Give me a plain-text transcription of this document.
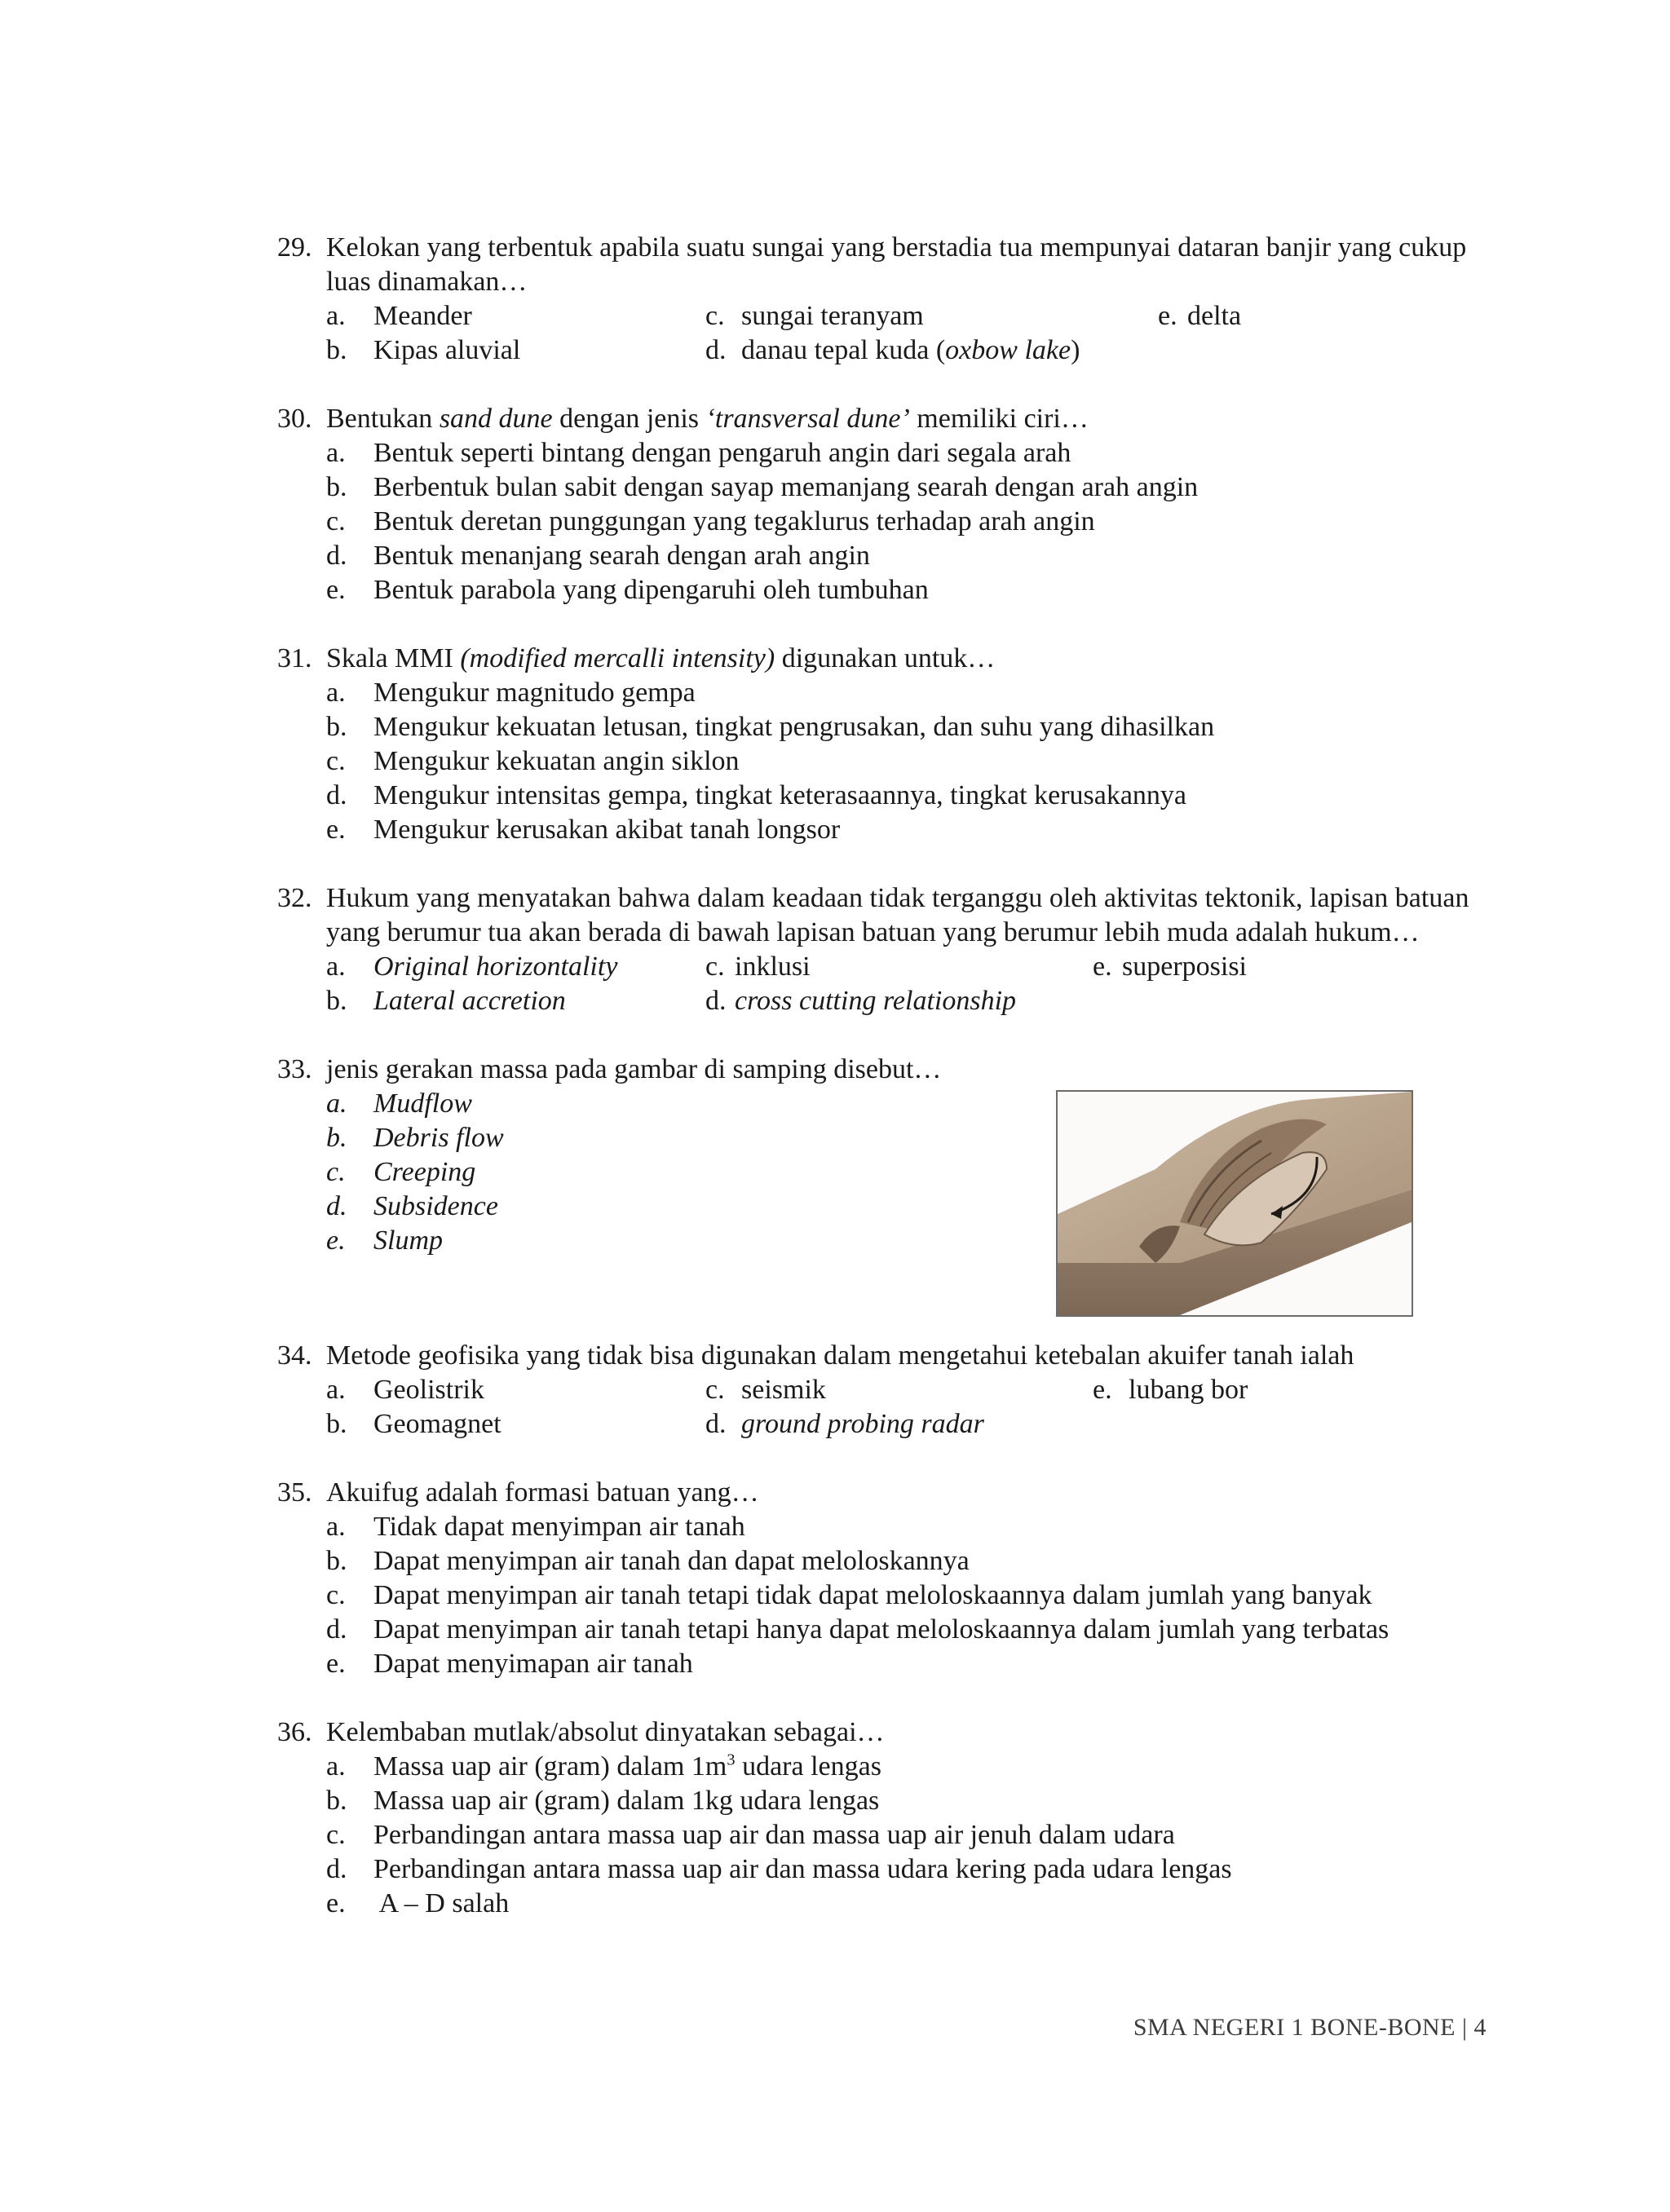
29. Kelokan yang terbentuk apabila suatu sungai yang berstadia tua mempunyai dataran banjir yang cukup luas dinamakan…
a. Meander	c. sungai teranyam	e. delta
b. Kipas aluvial	d. danau tepal kuda (oxbow lake)
30. Bentukan sand dune dengan jenis ‘transversal dune’ memiliki ciri…
a. Bentuk seperti bintang dengan pengaruh angin dari segala arah
b. Berbentuk bulan sabit dengan sayap memanjang searah dengan arah angin
c. Bentuk deretan punggungan yang tegaklurus terhadap arah angin
d. Bentuk menanjang searah dengan arah angin
e. Bentuk parabola yang dipengaruhi oleh tumbuhan
31. Skala MMI (modified mercalli intensity) digunakan untuk…
a. Mengukur magnitudo gempa
b. Mengukur kekuatan letusan, tingkat pengrusakan, dan suhu yang dihasilkan
c. Mengukur kekuatan angin siklon
d. Mengukur intensitas gempa, tingkat keterasaannya, tingkat kerusakannya
e. Mengukur kerusakan akibat tanah longsor
32. Hukum yang menyatakan bahwa dalam keadaan tidak terganggu oleh aktivitas tektonik, lapisan batuan yang berumur tua akan berada di bawah lapisan batuan yang berumur lebih muda adalah hukum…
a. Original horizontality	c. inklusi	e. superposisi
b. Lateral accretion	d. cross cutting relationship
33. jenis gerakan massa pada gambar di samping disebut…
a. Mudflow
b. Debris flow
c. Creeping
d. Subsidence
e. Slump
34. Metode geofisika yang tidak bisa digunakan dalam mengetahui ketebalan akuifer tanah ialah
a. Geolistrik	c. seismik	e. lubang bor
b. Geomagnet	d. ground probing radar
35. Akuifug adalah formasi batuan yang…
a. Tidak dapat menyimpan air tanah
b. Dapat menyimpan air tanah dan dapat meloloskannya
c. Dapat menyimpan air tanah tetapi tidak dapat meloloskaannya dalam jumlah yang banyak
d. Dapat menyimpan air tanah tetapi hanya dapat meloloskaannya dalam jumlah yang terbatas
e. Dapat menyimapan air tanah
36. Kelembaban mutlak/absolut dinyatakan sebagai…
a. Massa uap air (gram) dalam $1m^3$ udara lengas
b. Massa uap air (gram) dalam 1kg udara lengas
c. Perbandingan antara massa uap air dan massa uap air jenuh dalam udara
d. Perbandingan antara massa uap air dan massa udara kering pada udara lengas
e. A – D salah
SMA NEGERI 1 BONE-BONE | 4
